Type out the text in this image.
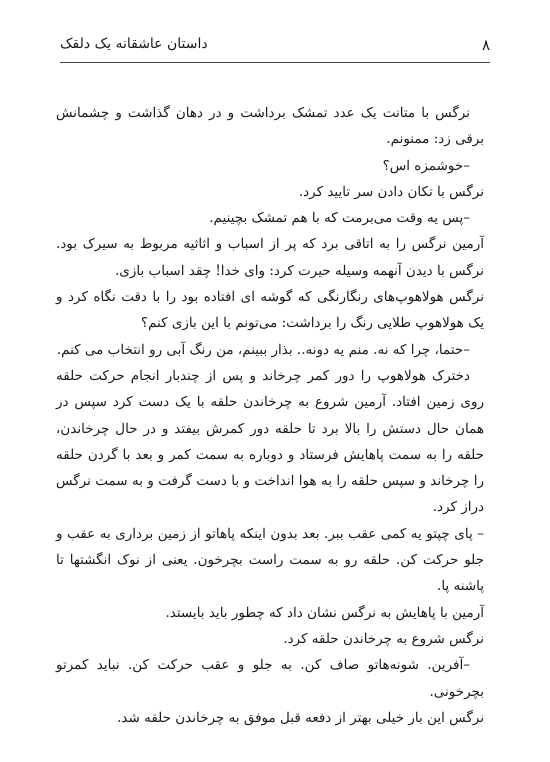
۸
داستان عاشقانه یک دلقک

نرگس با متانت یک عدد تمشک برداشت و در دهان گذاشت و چشمانش برقی زد: ممنونم.

–خوشمزه اس؟

نرگس با تکان دادن سر تایید کرد.

–پس یه وقت می‌برمت که با هم تمشک بچینیم.

آرمین نرگس را به اتاقی برد که پر از اسباب و اثاثیه مربوط به سیرک بود. نرگس با دیدن آنهمه وسیله حیرت کرد: وای خدا! چقد اسباب بازی.

نرگس هولاهوپ‌های رنگارنگی که گوشه ای افتاده بود را با دقت نگاه کرد و یک هولاهوپ طلایی رنگ را برداشت: می‌تونم با این بازی کنم؟

–حتما، چرا که نه. منم یه دونه.. بذار ببینم، من رنگ آبی رو انتخاب می کنم.

دخترک هولاهوپ را دور کمر چرخاند و پس از چندبار انجام حرکت حلقه روی زمین افتاد. آرمین شروع به چرخاندن حلقه با یک دست کرد سپس در همان حال دستش را بالا برد تا حلقه دور کمرش بیفتد و در حال چرخاندن، حلقه را به سمت پاهایش فرستاد و دوباره به سمت کمر و بعد با گردن حلقه را چرخاند و سپس حلقه را به هوا انداخت و با دست گرفت و به سمت نرگس دراز کرد.

– پای چپتو یه کمی عقب ببر. بعد بدون اینکه پاهاتو از زمین برداری به عقب و جلو حرکت کن. حلقه رو به سمت راست بچرخون. یعنی از نوک انگشتها تا پاشنه پا.

آرمین با پاهایش به نرگس نشان داد که چطور باید بایستد.

نرگس شروع به چرخاندن حلقه کرد.

–آفرین. شونه‌هاتو صاف کن. به جلو و عقب حرکت کن. نباید کمرتو بچرخونی.

نرگس این بار خیلی بهتر از دفعه قبل موفق به چرخاندن حلقه شد.
